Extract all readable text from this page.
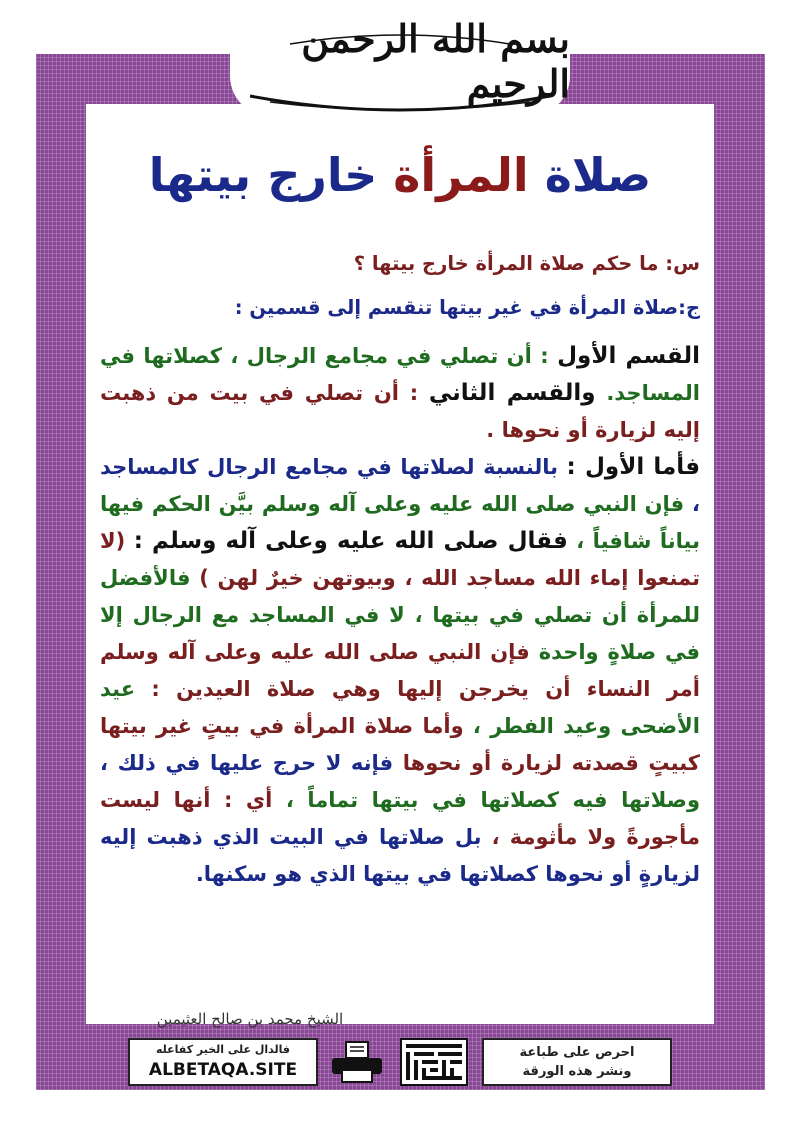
بسم الله الرحمن الرحيم
صلاة المرأة خارج بيتها
س: ما حكم صلاة المرأة خارج بيتها ؟
ج:صلاة المرأة في غير بيتها تنقسم إلى قسمين :
القسم الأول : أن تصلي في مجامع الرجال ، كصلاتها في المساجد. والقسم الثاني : أن تصلي في بيت من ذهبت إليه لزيارة أو نحوها .
فأما الأول : بالنسبة لصلاتها في مجامع الرجال كالمساجد ، فإن النبي صلى الله عليه وعلى آله وسلم بيَّن الحكم فيها بياناً شافياً ، فقال صلى الله عليه وعلى آله وسلم : (لا تمنعوا إماء الله مساجد الله ، وبيوتهن خيرٌ لهن ) فالأفضل للمرأة أن تصلي في بيتها ، لا في المساجد مع الرجال إلا في صلاةٍ واحدة فإن النبي صلى الله عليه وعلى آله وسلم أمر النساء أن يخرجن إليها وهي صلاة العيدين : عيد الأضحى وعيد الفطر ، وأما صلاة المرأة في بيتٍ غير بيتها كبيتٍ قصدته لزيارة أو نحوها فإنه لا حرج عليها في ذلك ، وصلاتها فيه كصلاتها في بيتها تماماً ، أي : أنها ليست مأجورةً ولا مأثومة ، بل صلاتها في البيت الذي ذهبت إليه لزيارةٍ أو نحوها كصلاتها في بيتها الذي هو سكنها.
الشيخ محمد بن صالح العثيمين
فالدال على الخير كفاعله
ALBETAQA.SITE
احرص على طباعة
ونشر هذه الورقة
